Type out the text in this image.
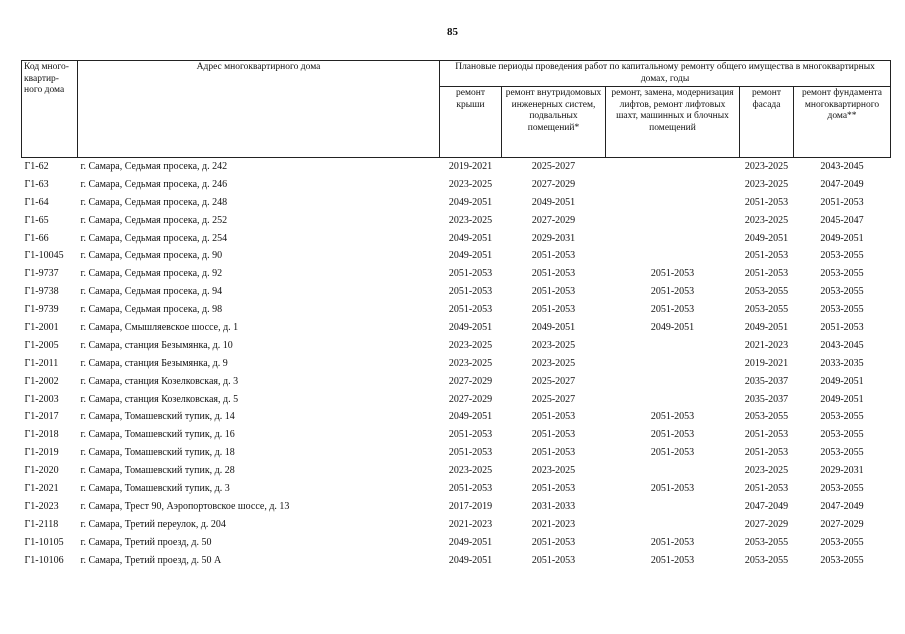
85
Код много-квартир-ного дома	Адрес многоквартирного дома	Плановые периоды проведения работ по капитальному ремонту общего имущества в многоквартирных домах, годы				
		ремонт крыши	ремонт внутридомовых инженерных систем, подвальных помещений*	ремонт, замена, модернизация лифтов, ремонт лифтовых шахт, машинных и блочных помещений	ремонт фасада	ремонт фундамента многоквартирного дома**
Г1-62	г. Самара, Седьмая просека, д. 242	2019-2021	2025-2027		2023-2025	2043-2045
Г1-63	г. Самара, Седьмая просека, д. 246	2023-2025	2027-2029		2023-2025	2047-2049
Г1-64	г. Самара, Седьмая просека, д. 248	2049-2051	2049-2051		2051-2053	2051-2053
Г1-65	г. Самара, Седьмая просека, д. 252	2023-2025	2027-2029		2023-2025	2045-2047
Г1-66	г. Самара, Седьмая просека, д. 254	2049-2051	2029-2031		2049-2051	2049-2051
Г1-10045	г. Самара, Седьмая просека, д. 90	2049-2051	2051-2053		2051-2053	2053-2055
Г1-9737	г. Самара, Седьмая просека, д. 92	2051-2053	2051-2053	2051-2053	2051-2053	2053-2055
Г1-9738	г. Самара, Седьмая просека, д. 94	2051-2053	2051-2053	2051-2053	2053-2055	2053-2055
Г1-9739	г. Самара, Седьмая просека, д. 98	2051-2053	2051-2053	2051-2053	2053-2055	2053-2055
Г1-2001	г. Самара, Смышляевское шоссе, д. 1	2049-2051	2049-2051	2049-2051	2049-2051	2051-2053
Г1-2005	г. Самара, станция Безымянка, д. 10	2023-2025	2023-2025		2021-2023	2043-2045
Г1-2011	г. Самара, станция Безымянка, д. 9	2023-2025	2023-2025		2019-2021	2033-2035
Г1-2002	г. Самара, станция Козелковская, д. 3	2027-2029	2025-2027		2035-2037	2049-2051
Г1-2003	г. Самара, станция Козелковская, д. 5	2027-2029	2025-2027		2035-2037	2049-2051
Г1-2017	г. Самара, Томашевский тупик, д. 14	2049-2051	2051-2053	2051-2053	2053-2055	2053-2055
Г1-2018	г. Самара, Томашевский тупик, д. 16	2051-2053	2051-2053	2051-2053	2051-2053	2053-2055
Г1-2019	г. Самара, Томашевский тупик, д. 18	2051-2053	2051-2053	2051-2053	2051-2053	2053-2055
Г1-2020	г. Самара, Томашевский тупик, д. 28	2023-2025	2023-2025		2023-2025	2029-2031
Г1-2021	г. Самара, Томашевский тупик, д. 3	2051-2053	2051-2053	2051-2053	2051-2053	2053-2055
Г1-2023	г. Самара, Трест 90, Аэропортовское шоссе, д. 13	2017-2019	2031-2033		2047-2049	2047-2049
Г1-2118	г. Самара, Третий переулок, д. 204	2021-2023	2021-2023		2027-2029	2027-2029
Г1-10105	г. Самара, Третий проезд, д. 50	2049-2051	2051-2053	2051-2053	2053-2055	2053-2055
Г1-10106	г. Самара, Третий проезд, д. 50 А	2049-2051	2051-2053	2051-2053	2053-2055	2053-2055
